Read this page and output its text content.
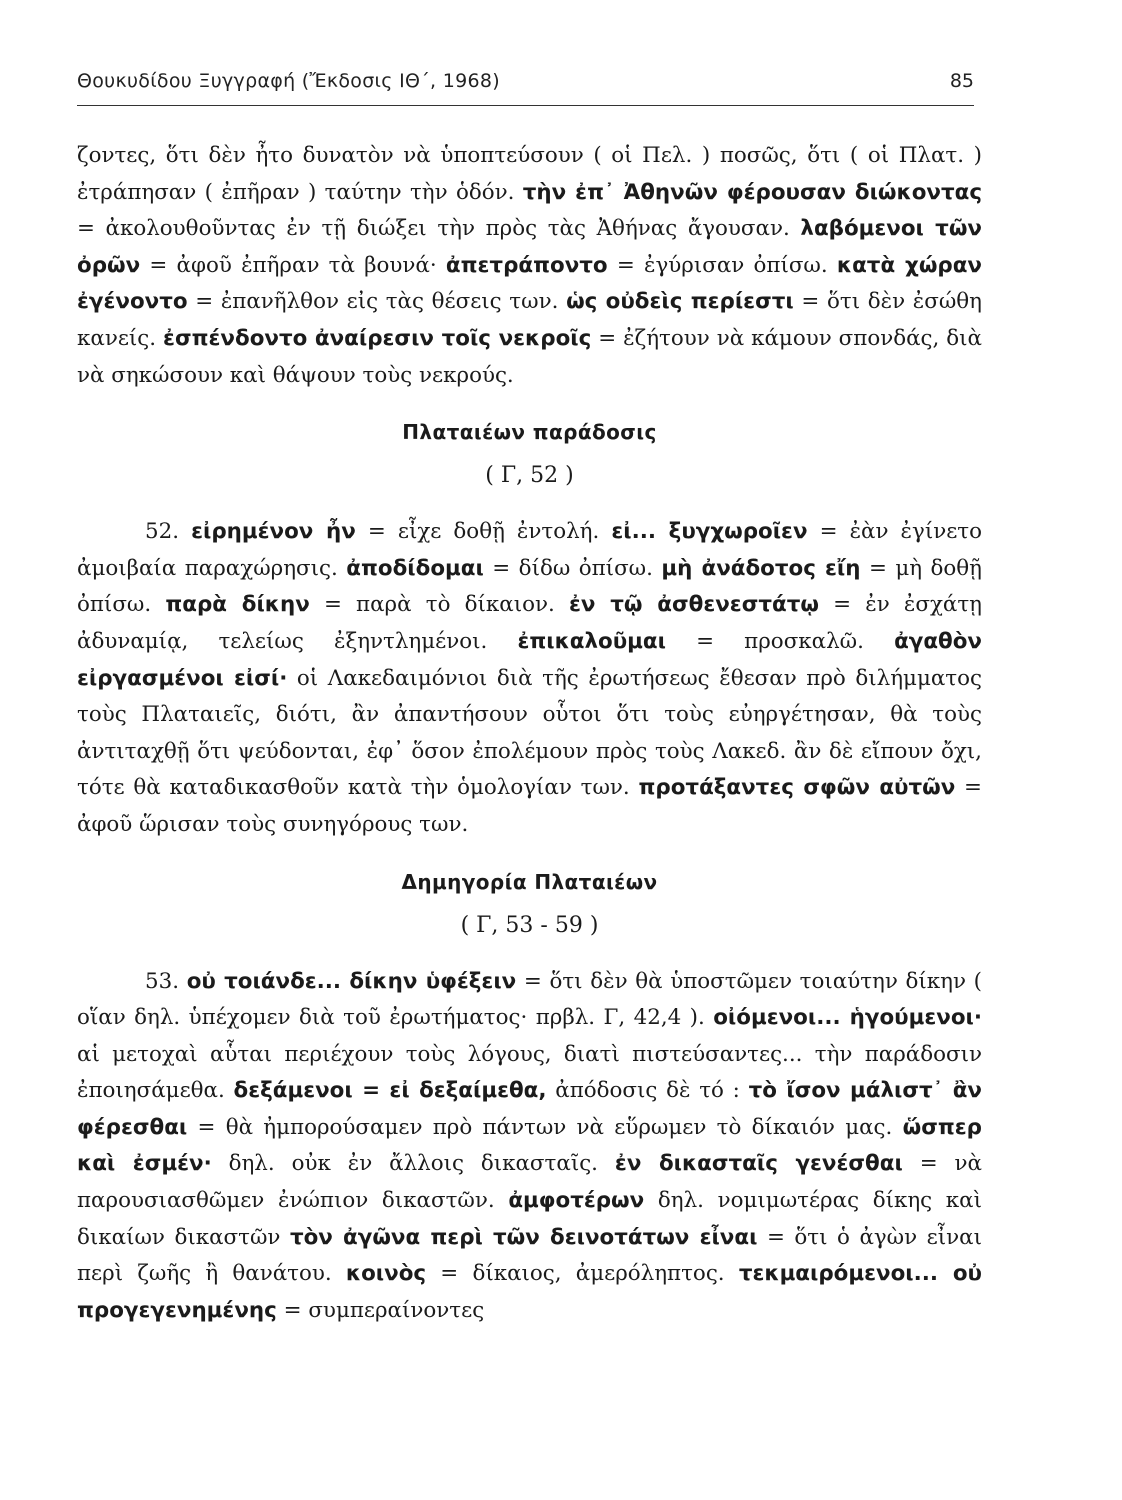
Θουκυδίδου Ξυγγραφή (Ἔκδοσις ΙΘ΄, 1968)	85

ζοντες, ὅτι δὲν ἦτο δυνατὸν νὰ ὑποπτεύσουν ( οἱ Πελ. ) ποσῶς, ὅτι ( οἱ Πλατ. ) ἐτράπησαν ( ἐπῆραν ) ταύτην τὴν ὁδόν. τὴν ἐπ᾽ Ἀθηνῶν φέρουσαν διώκοντας = ἀκολουθοῦντας ἐν τῇ διώξει τὴν πρὸς τὰς Ἀθήνας ἄγουσαν. λαβόμενοι τῶν ὀρῶν = ἀφοῦ ἐπῆραν τὰ βουνά· ἀπετράποντο = ἐγύρισαν ὀπίσω. κατὰ χώραν ἐγένοντο = ἐπανῆλθον εἰς τὰς θέσεις των. ὡς οὐδεὶς περίεστι = ὅτι δὲν ἐσώθη κανείς. ἐσπένδοντο ἀναίρεσιν τοῖς νεκροῖς = ἐζήτουν νὰ κάμουν σπονδάς, διὰ νὰ σηκώσουν καὶ θάψουν τοὺς νεκρούς.

Πλαταιέων παράδοσις
( Γ, 52 )

52. εἰρημένον ἦν = εἶχε δοθῇ ἐντολή. εἰ... ξυγχωροῖεν = ἐὰν ἐγίνετο ἀμοιβαία παραχώρησις. ἀποδίδομαι = δίδω ὀπίσω. μὴ ἀνάδοτος εἴη = μὴ δοθῇ ὀπίσω. παρὰ δίκην = παρὰ τὸ δίκαιον. ἐν τῷ ἀσθενεστάτῳ = ἐν ἐσχάτῃ ἀδυναμίᾳ, τελείως ἐξηντλημένοι. ἐπικαλοῦμαι = προσκαλῶ. ἀγαθὸν εἰργασμένοι εἰσί· οἱ Λακεδαιμόνιοι διὰ τῆς ἐρωτήσεως ἔθεσαν πρὸ διλήμματος τοὺς Πλαταιεῖς, διότι, ἂν ἀπαντήσουν οὗτοι ὅτι τοὺς εὐηργέτησαν, θὰ τοὺς ἀντιταχθῇ ὅτι ψεύδονται, ἐφ᾽ ὅσον ἐπολέμουν πρὸς τοὺς Λακεδ. ἂν δὲ εἴπουν ὄχι, τότε θὰ καταδικασθοῦν κατὰ τὴν ὁμολογίαν των. προτάξαντες σφῶν αὐτῶν = ἀφοῦ ὥρισαν τοὺς συνηγόρους των.

Δημηγορία Πλαταιέων
( Γ, 53 - 59 )

53. οὐ τοιάνδε... δίκην ὑφέξειν = ὅτι δὲν θὰ ὑποστῶμεν τοιαύτην δίκην ( οἵαν δηλ. ὑπέχομεν διὰ τοῦ ἐρωτήματος· πρβλ. Γ, 42,4 ). οἰόμενοι... ἡγούμενοι· αἱ μετοχαὶ αὗται περιέχουν τοὺς λόγους, διατὶ πιστεύσαντες... τὴν παράδοσιν ἐποιησάμεθα. δεξάμενοι = εἰ δεξαίμεθα, ἀπόδοσις δὲ τό : τὸ ἴσον μάλιστ᾽ ἂν φέρεσθαι = θὰ ἠμπορούσαμεν πρὸ πάντων νὰ εὕρωμεν τὸ δίκαιόν μας. ὥσπερ καὶ ἐσμέν· δηλ. οὐκ ἐν ἄλλοις δικασταῖς. ἐν δικασταῖς γενέσθαι = νὰ παρουσιασθῶμεν ἐνώπιον δικαστῶν. ἀμφοτέρων δηλ. νομιμωτέρας δίκης καὶ δικαίων δικαστῶν τὸν ἀγῶνα περὶ τῶν δεινοτάτων εἶναι = ὅτι ὁ ἀγὼν εἶναι περὶ ζωῆς ἢ θανάτου. κοινὸς = δίκαιος, ἀμερόληπτος. τεκμαιρόμενοι... οὐ προγεγενημένης = συμπεραίνοντες
